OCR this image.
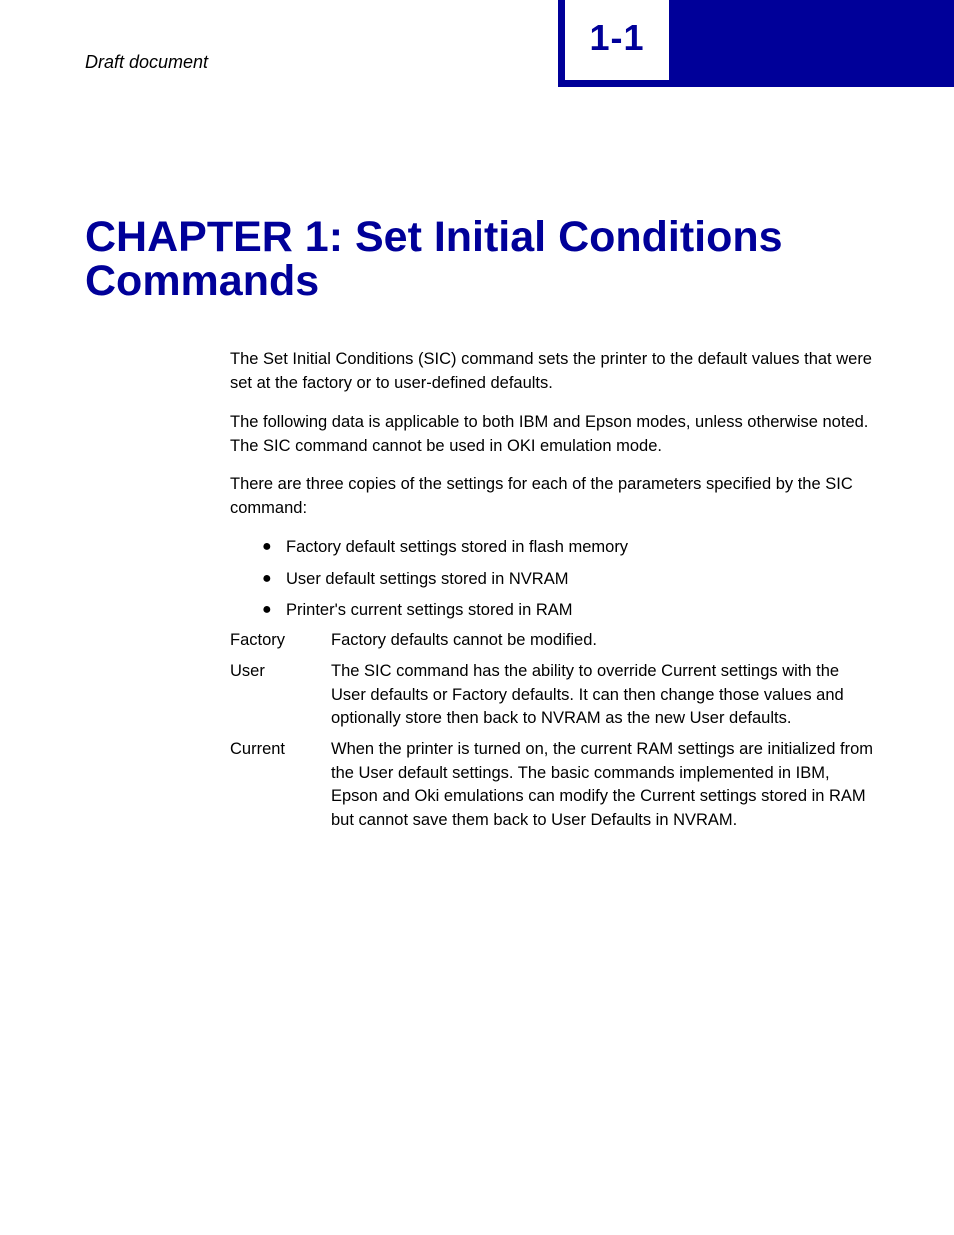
Draft document
1-1
CHAPTER 1: Set Initial Conditions Commands

The Set Initial Conditions (SIC) command sets the printer to the default values that were set at the factory or to user-defined defaults.

The following data is applicable to both IBM and Epson modes, unless otherwise noted. The SIC command cannot be used in OKI emulation mode.

There are three copies of the settings for each of the parameters specified by the SIC command:

● Factory default settings stored in flash memory
● User default settings stored in NVRAM
● Printer's current settings stored in RAM
Factory	Factory defaults cannot be modified.

User	The SIC command has the ability to override Current settings with the User defaults or Factory defaults. It can then change those values and optionally store then back to NVRAM as the new User defaults.

Current	When the printer is turned on, the current RAM settings are initialized from the User default settings. The basic commands implemented in IBM, Epson and Oki emulations can modify the Current settings stored in RAM but cannot save them back to User Defaults in NVRAM.
